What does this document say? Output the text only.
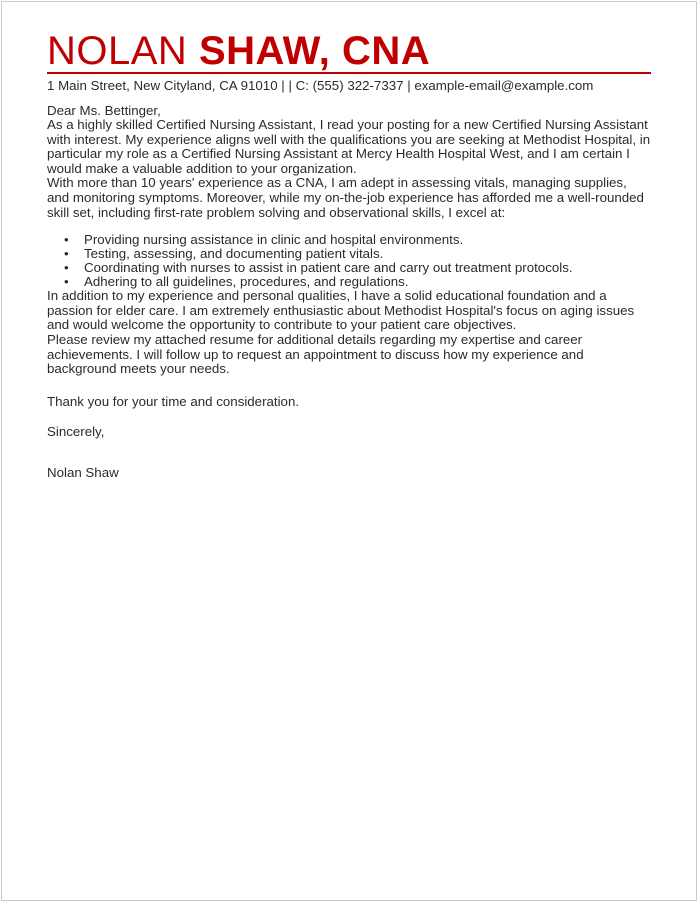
NOLAN SHAW, CNA
1 Main Street, New Cityland, CA 91010 | | C: (555) 322-7337 | example-email@example.com
Dear Ms. Bettinger,

As a highly skilled Certified Nursing Assistant, I read your posting for a new Certified Nursing Assistant with interest. My experience aligns well with the qualifications you are seeking at Methodist Hospital, in particular my role as a Certified Nursing Assistant at Mercy Health Hospital West, and I am certain I would make a valuable addition to your organization.

With more than 10 years' experience as a CNA, I am adept in assessing vitals, managing supplies, and monitoring symptoms. Moreover, while my on-the-job experience has afforded me a well-rounded skill set, including first-rate problem solving and observational skills, I excel at:

• Providing nursing assistance in clinic and hospital environments.
• Testing, assessing, and documenting patient vitals.
• Coordinating with nurses to assist in patient care and carry out treatment protocols.
• Adhering to all guidelines, procedures, and regulations.

In addition to my experience and personal qualities, I have a solid educational foundation and a passion for elder care. I am extremely enthusiastic about Methodist Hospital's focus on aging issues and would welcome the opportunity to contribute to your patient care objectives.

Please review my attached resume for additional details regarding my expertise and career achievements. I will follow up to request an appointment to discuss how my experience and background meets your needs.

Thank you for your time and consideration.
Sincerely,
Nolan Shaw
